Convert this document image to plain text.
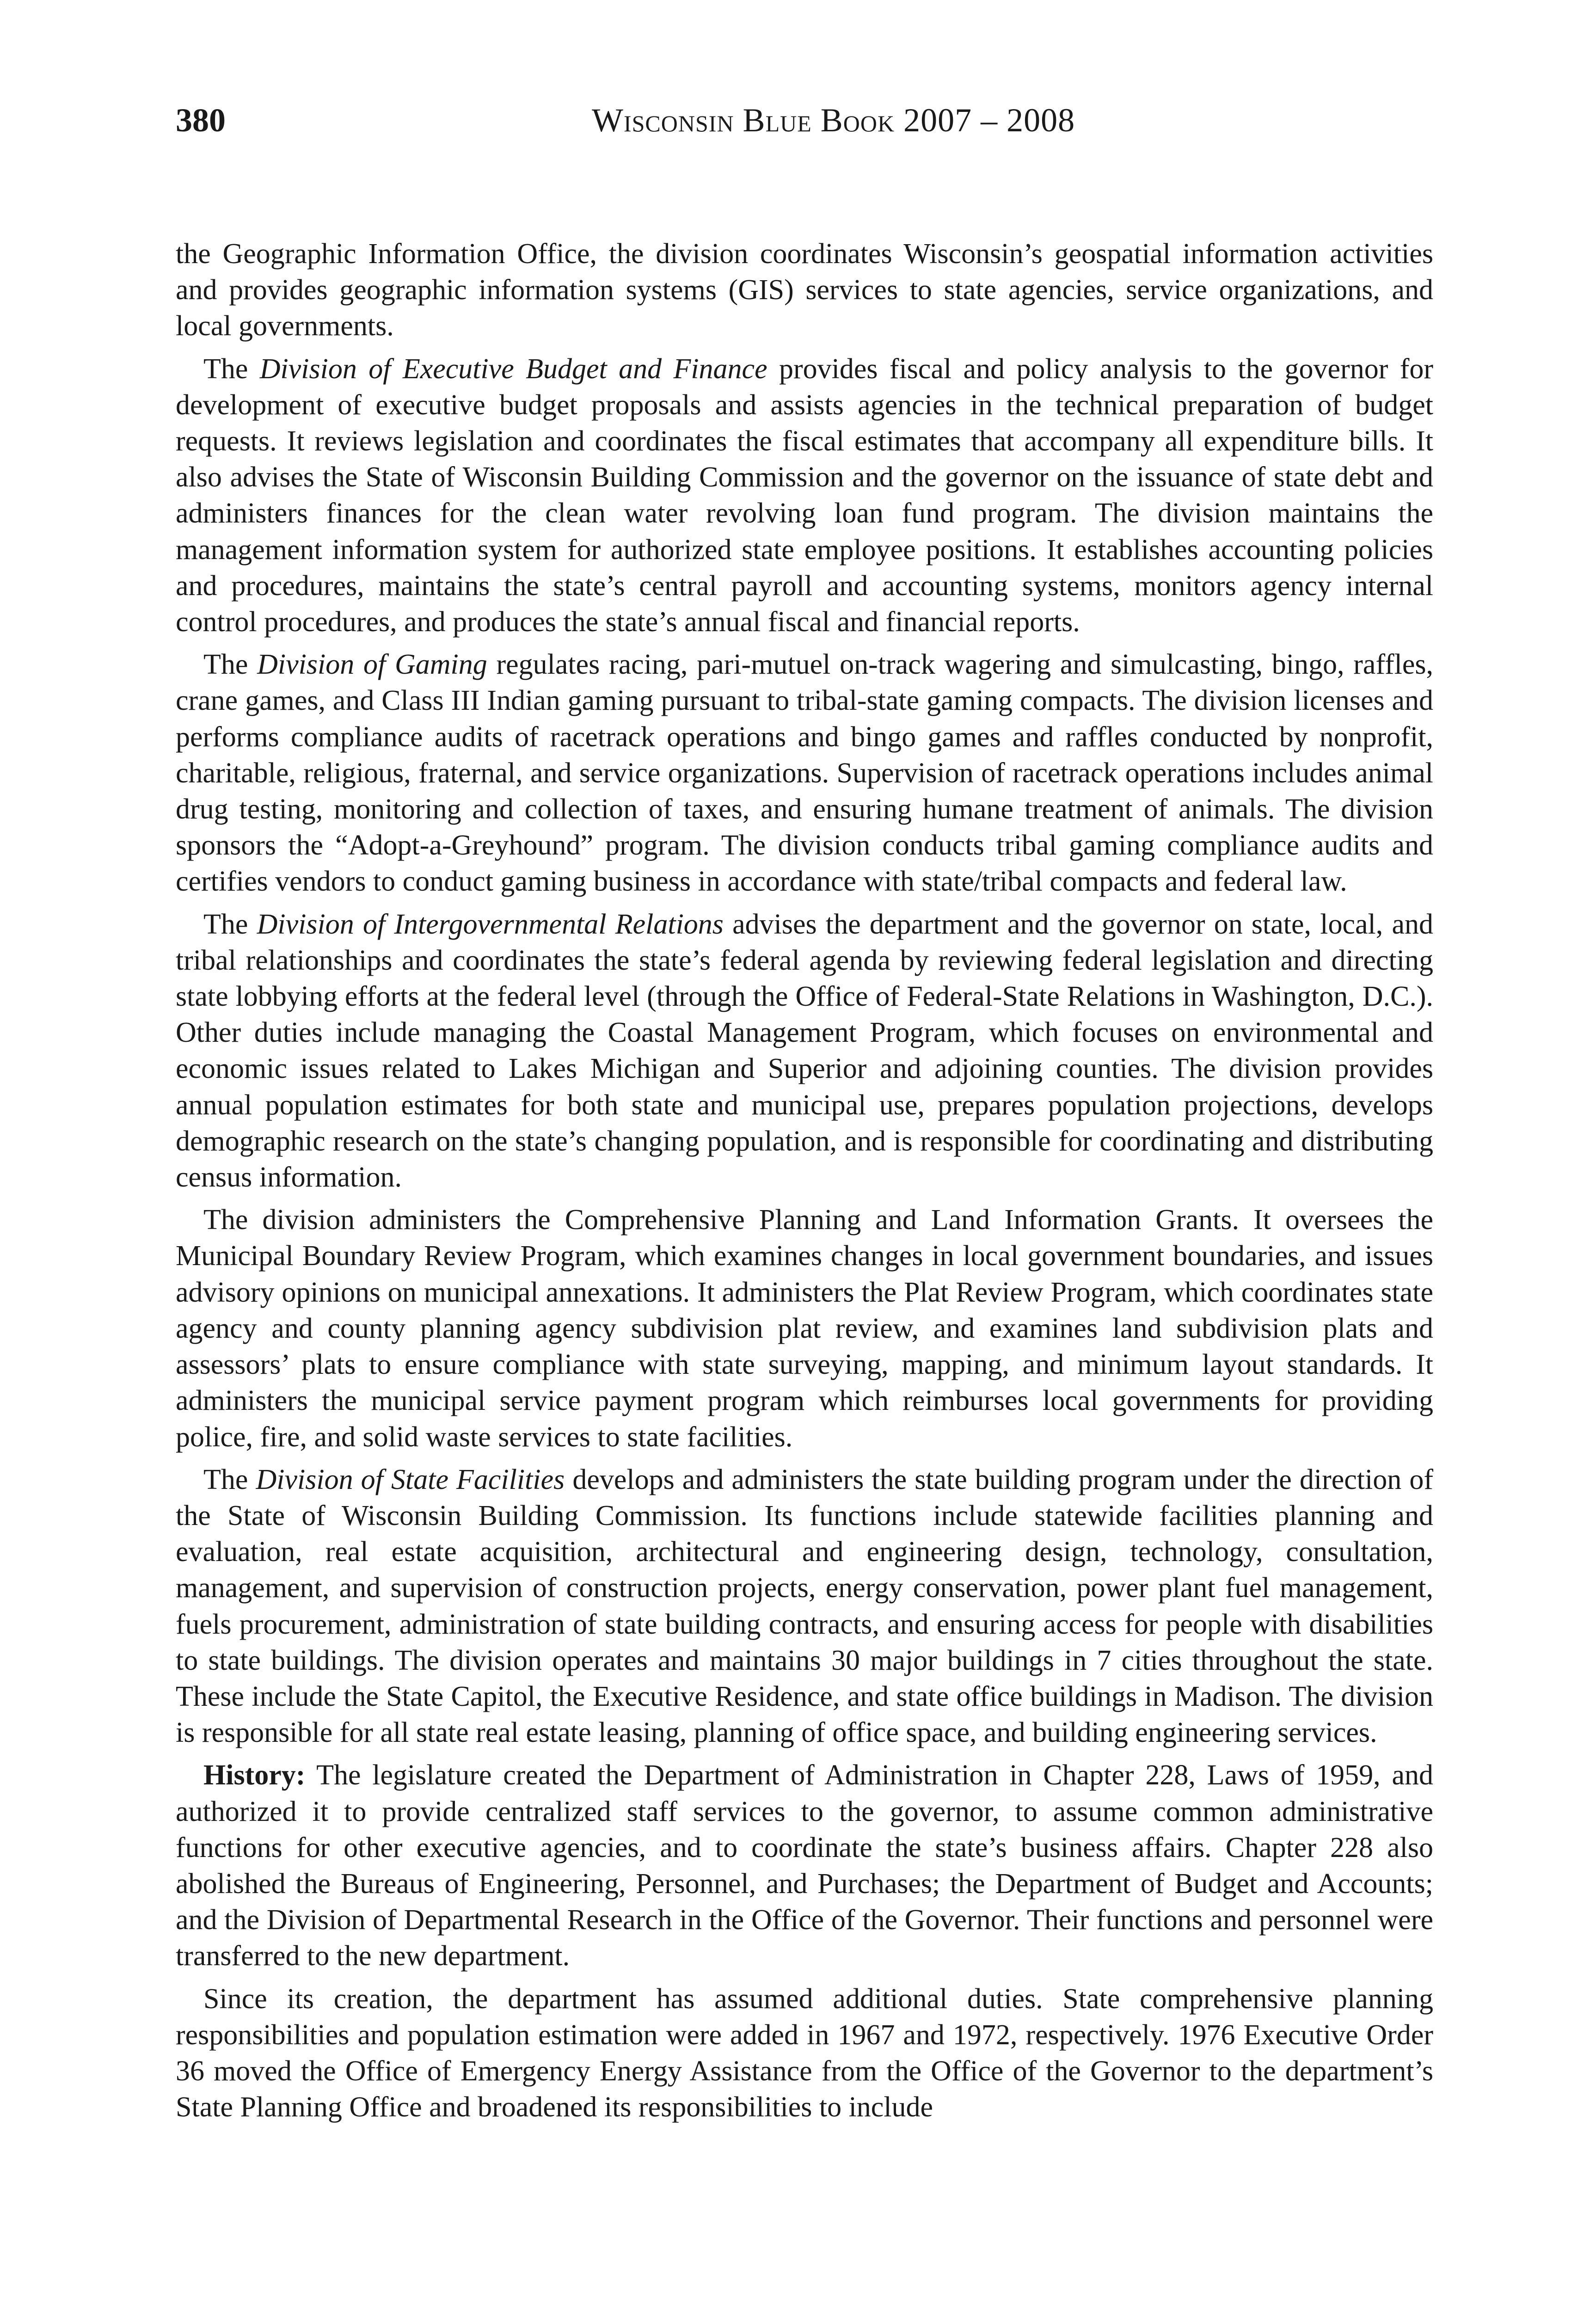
380	Wisconsin Blue Book 2007 – 2008

the Geographic Information Office, the division coordinates Wisconsin’s geospatial information activities and provides geographic information systems (GIS) services to state agencies, service organizations, and local governments.

The Division of Executive Budget and Finance provides fiscal and policy analysis to the governor for development of executive budget proposals and assists agencies in the technical preparation of budget requests. It reviews legislation and coordinates the fiscal estimates that accompany all expenditure bills. It also advises the State of Wisconsin Building Commission and the governor on the issuance of state debt and administers finances for the clean water revolving loan fund program. The division maintains the management information system for authorized state employee positions. It establishes accounting policies and procedures, maintains the state’s central payroll and accounting systems, monitors agency internal control procedures, and produces the state’s annual fiscal and financial reports.

The Division of Gaming regulates racing, pari-mutuel on-track wagering and simulcasting, bingo, raffles, crane games, and Class III Indian gaming pursuant to tribal-state gaming compacts. The division licenses and performs compliance audits of racetrack operations and bingo games and raffles conducted by nonprofit, charitable, religious, fraternal, and service organizations. Supervision of racetrack operations includes animal drug testing, monitoring and collection of taxes, and ensuring humane treatment of animals. The division sponsors the “Adopt-a-Greyhound” program. The division conducts tribal gaming compliance audits and certifies vendors to conduct gaming business in accordance with state/tribal compacts and federal law.

The Division of Intergovernmental Relations advises the department and the governor on state, local, and tribal relationships and coordinates the state’s federal agenda by reviewing federal legislation and directing state lobbying efforts at the federal level (through the Office of Federal-State Relations in Washington, D.C.). Other duties include managing the Coastal Management Program, which focuses on environmental and economic issues related to Lakes Michigan and Superior and adjoining counties. The division provides annual population estimates for both state and municipal use, prepares population projections, develops demographic research on the state’s changing population, and is responsible for coordinating and distributing census information.

The division administers the Comprehensive Planning and Land Information Grants. It oversees the Municipal Boundary Review Program, which examines changes in local government boundaries, and issues advisory opinions on municipal annexations. It administers the Plat Review Program, which coordinates state agency and county planning agency subdivision plat review, and examines land subdivision plats and assessors’ plats to ensure compliance with state surveying, mapping, and minimum layout standards. It administers the municipal service payment program which reimburses local governments for providing police, fire, and solid waste services to state facilities.

The Division of State Facilities develops and administers the state building program under the direction of the State of Wisconsin Building Commission. Its functions include statewide facilities planning and evaluation, real estate acquisition, architectural and engineering design, technology, consultation, management, and supervision of construction projects, energy conservation, power plant fuel management, fuels procurement, administration of state building contracts, and ensuring access for people with disabilities to state buildings. The division operates and maintains 30 major buildings in 7 cities throughout the state. These include the State Capitol, the Executive Residence, and state office buildings in Madison. The division is responsible for all state real estate leasing, planning of office space, and building engineering services.

History: The legislature created the Department of Administration in Chapter 228, Laws of 1959, and authorized it to provide centralized staff services to the governor, to assume common administrative functions for other executive agencies, and to coordinate the state’s business affairs. Chapter 228 also abolished the Bureaus of Engineering, Personnel, and Purchases; the Department of Budget and Accounts; and the Division of Departmental Research in the Office of the Governor. Their functions and personnel were transferred to the new department.

Since its creation, the department has assumed additional duties. State comprehensive planning responsibilities and population estimation were added in 1967 and 1972, respectively. 1976 Executive Order 36 moved the Office of Emergency Energy Assistance from the Office of the Governor to the department’s State Planning Office and broadened its responsibilities to include
